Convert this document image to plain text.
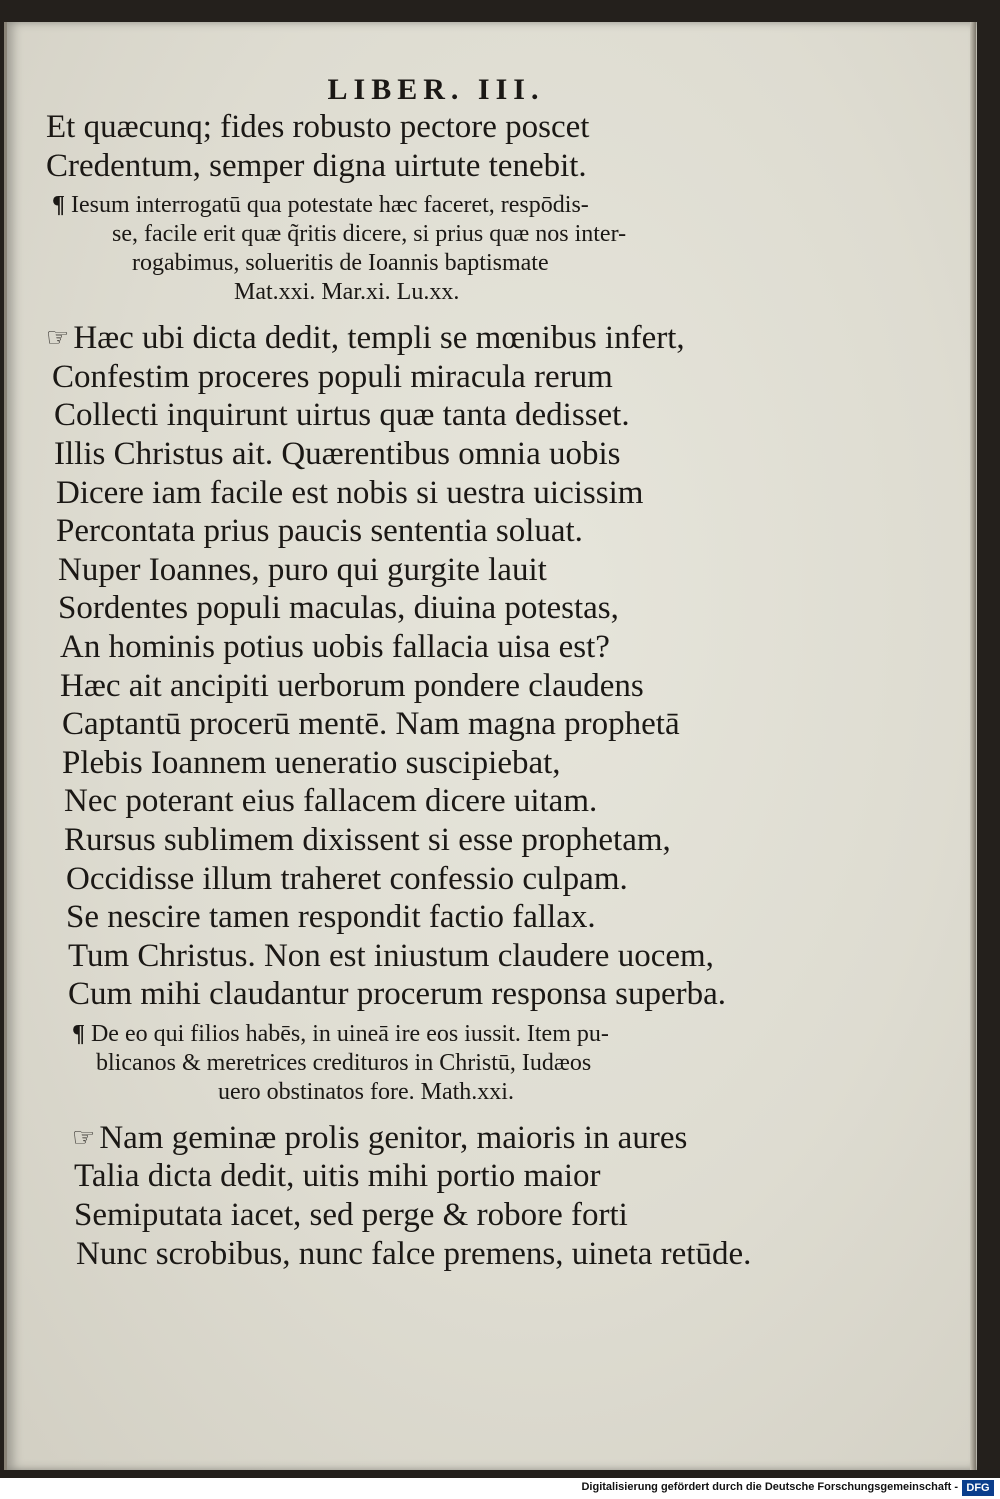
LIBER. III.
Et quæcunq; fides robusto pectore poscet
Credentum, semper digna uirtute tenebit.
¶ Iesum interrogatū qua potestate hæc faceret, respōdis-
se, facile erit quæ q̃ritis dicere, si prius quæ nos inter-
rogabimus, solueritis de Ioannis baptismate
Mat.xxi. Mar.xi. Lu.xx.
☞ Hæc ubi dicta dedit, templi se mœnibus infert,
Confestim proceres populi miracula rerum
Collecti inquirunt uirtus quæ tanta dedisset.
Illis Christus ait. Quærentibus omnia uobis
Dicere iam facile est nobis si uestra uicissim
Percontata prius paucis sententia soluat.
Nuper Ioannes, puro qui gurgite lauit
Sordentes populi maculas, diuina potestas,
An hominis potius uobis fallacia uisa est?
Hæc ait ancipiti uerborum pondere claudens
Captantū procerū mentē. Nam magna prophetā
Plebis Ioannem ueneratio suscipiebat,
Nec poterant eius fallacem dicere uitam.
Rursus sublimem dixissent si esse prophetam,
Occidisse illum traheret confessio culpam.
Se nescire tamen respondit factio fallax.
Tum Christus. Non est iniustum claudere uocem,
Cum mihi claudantur procerum responsa superba.
¶ De eo qui filios habēs, in uineā ire eos iussit. Item pu-
blicanos & meretrices credituros in Christū, Iudæos
uero obstinatos fore. Math.xxi.
☞ Nam geminæ prolis genitor, maioris in aures
Talia dicta dedit, uitis mihi portio maior
Semiputata iacet, sed perge & robore forti
Nunc scrobibus, nunc falce premens, uineta retūde.
Digitalisierung gefördert durch die Deutsche Forschungsgemeinschaft - DFG
